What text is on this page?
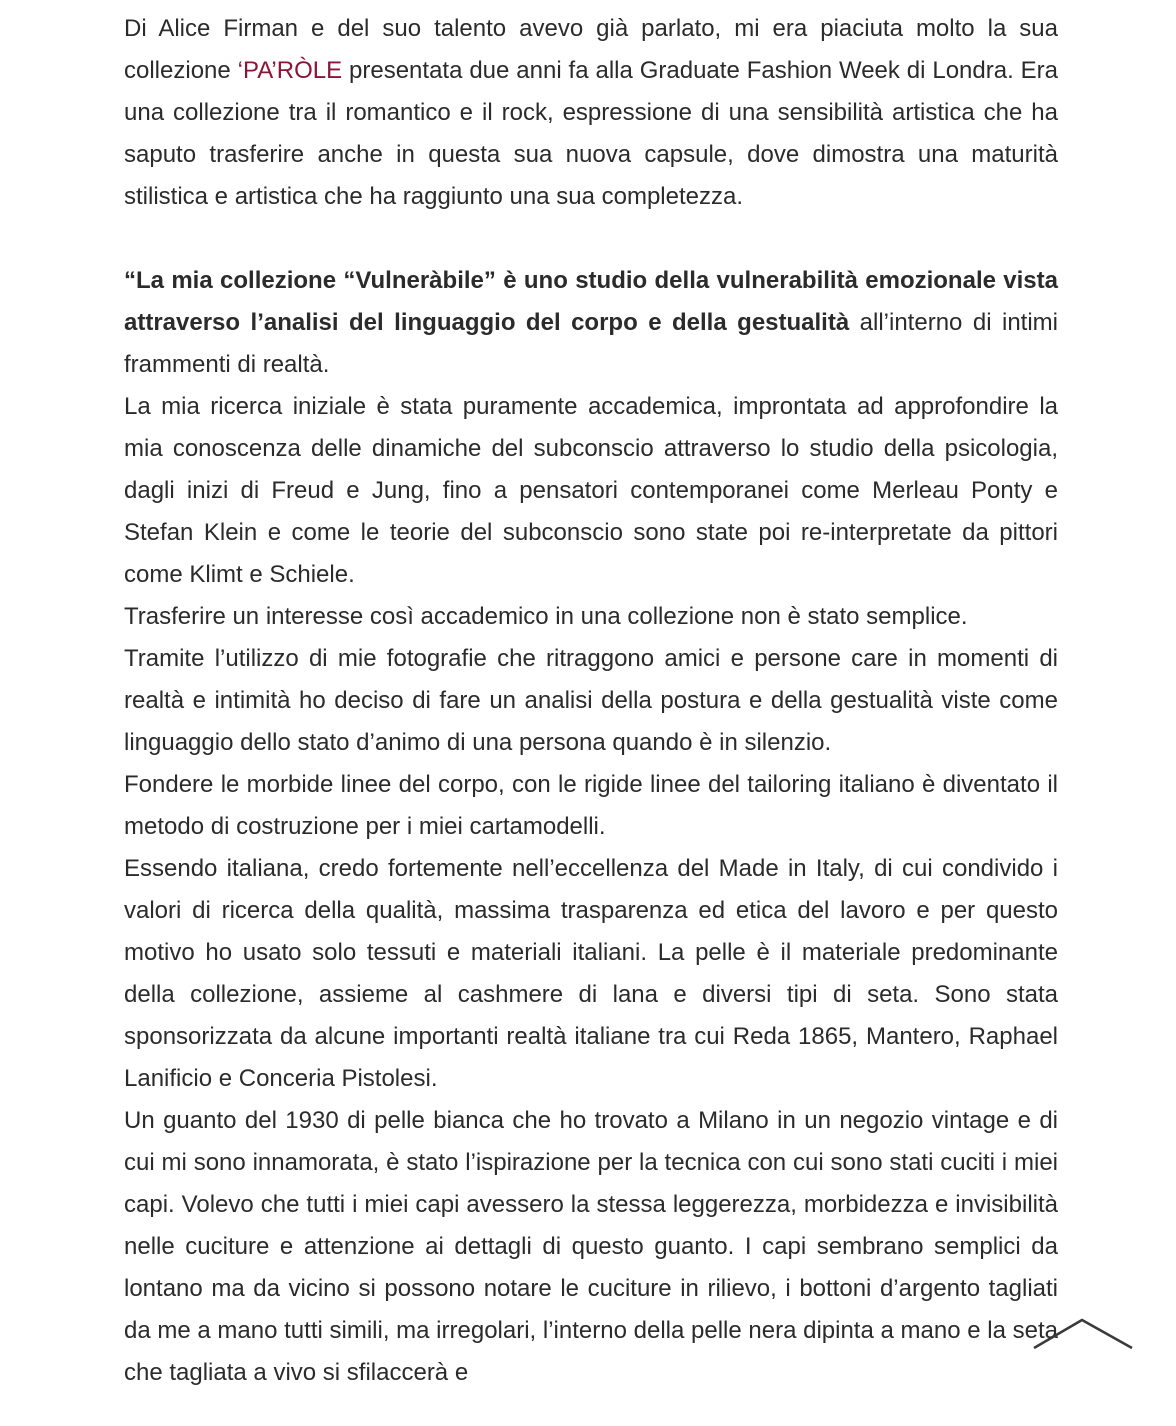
Di Alice Firman e del suo talento avevo già parlato, mi era piaciuta molto la sua collezione ‘PA’RÒLE presentata due anni fa alla Graduate Fashion Week di Londra. Era una collezione tra il romantico e il rock, espressione di una sensibilità artistica che ha saputo trasferire anche in questa sua nuova capsule, dove dimostra una maturità stilistica e artistica che ha raggiunto una sua completezza.

“La mia collezione “Vulneràbile” è uno studio della vulnerabilità emozionale vista attraverso l’analisi del linguaggio del corpo e della gestualità all’interno di intimi frammenti di realtà.

La mia ricerca iniziale è stata puramente accademica, improntata ad approfondire la mia conoscenza delle dinamiche del subconscio attraverso lo studio della psicologia, dagli inizi di Freud e Jung, fino a pensatori contemporanei come Merleau Ponty e Stefan Klein e come le teorie del subconscio sono state poi re-interpretate da pittori come Klimt e Schiele.

Trasferire un interesse così accademico in una collezione non è stato semplice.

Tramite l’utilizzo di mie fotografie che ritraggono amici e persone care in momenti di realtà e intimità ho deciso di fare un analisi della postura e della gestualità viste come linguaggio dello stato d’animo di una persona quando è in silenzio.

Fondere le morbide linee del corpo, con le rigide linee del tailoring italiano è diventato il metodo di costruzione per i miei cartamodelli.

Essendo italiana, credo fortemente nell’eccellenza del Made in Italy, di cui condivido i valori di ricerca della qualità, massima trasparenza ed etica del lavoro e per questo motivo ho usato solo tessuti e materiali italiani. La pelle è il materiale predominante della collezione, assieme al cashmere di lana e diversi tipi di seta. Sono stata sponsorizzata da alcune importanti realtà italiane tra cui Reda 1865, Mantero, Raphael Lanificio e Conceria Pistolesi.

Un guanto del 1930 di pelle bianca che ho trovato a Milano in un negozio vintage e di cui mi sono innamorata, è stato l’ispirazione per la tecnica con cui sono stati cuciti i miei capi. Volevo che tutti i miei capi avessero la stessa leggerezza, morbidezza e invisibilità nelle cuciture e attenzione ai dettagli di questo guanto. I capi sembrano semplici da lontano ma da vicino si possono notare le cuciture in rilievo, i bottoni d’argento tagliati da me a mano tutti simili, ma irregolari, l’interno della pelle nera dipinta a mano e la seta che tagliata a vivo si sfilaccerà e
